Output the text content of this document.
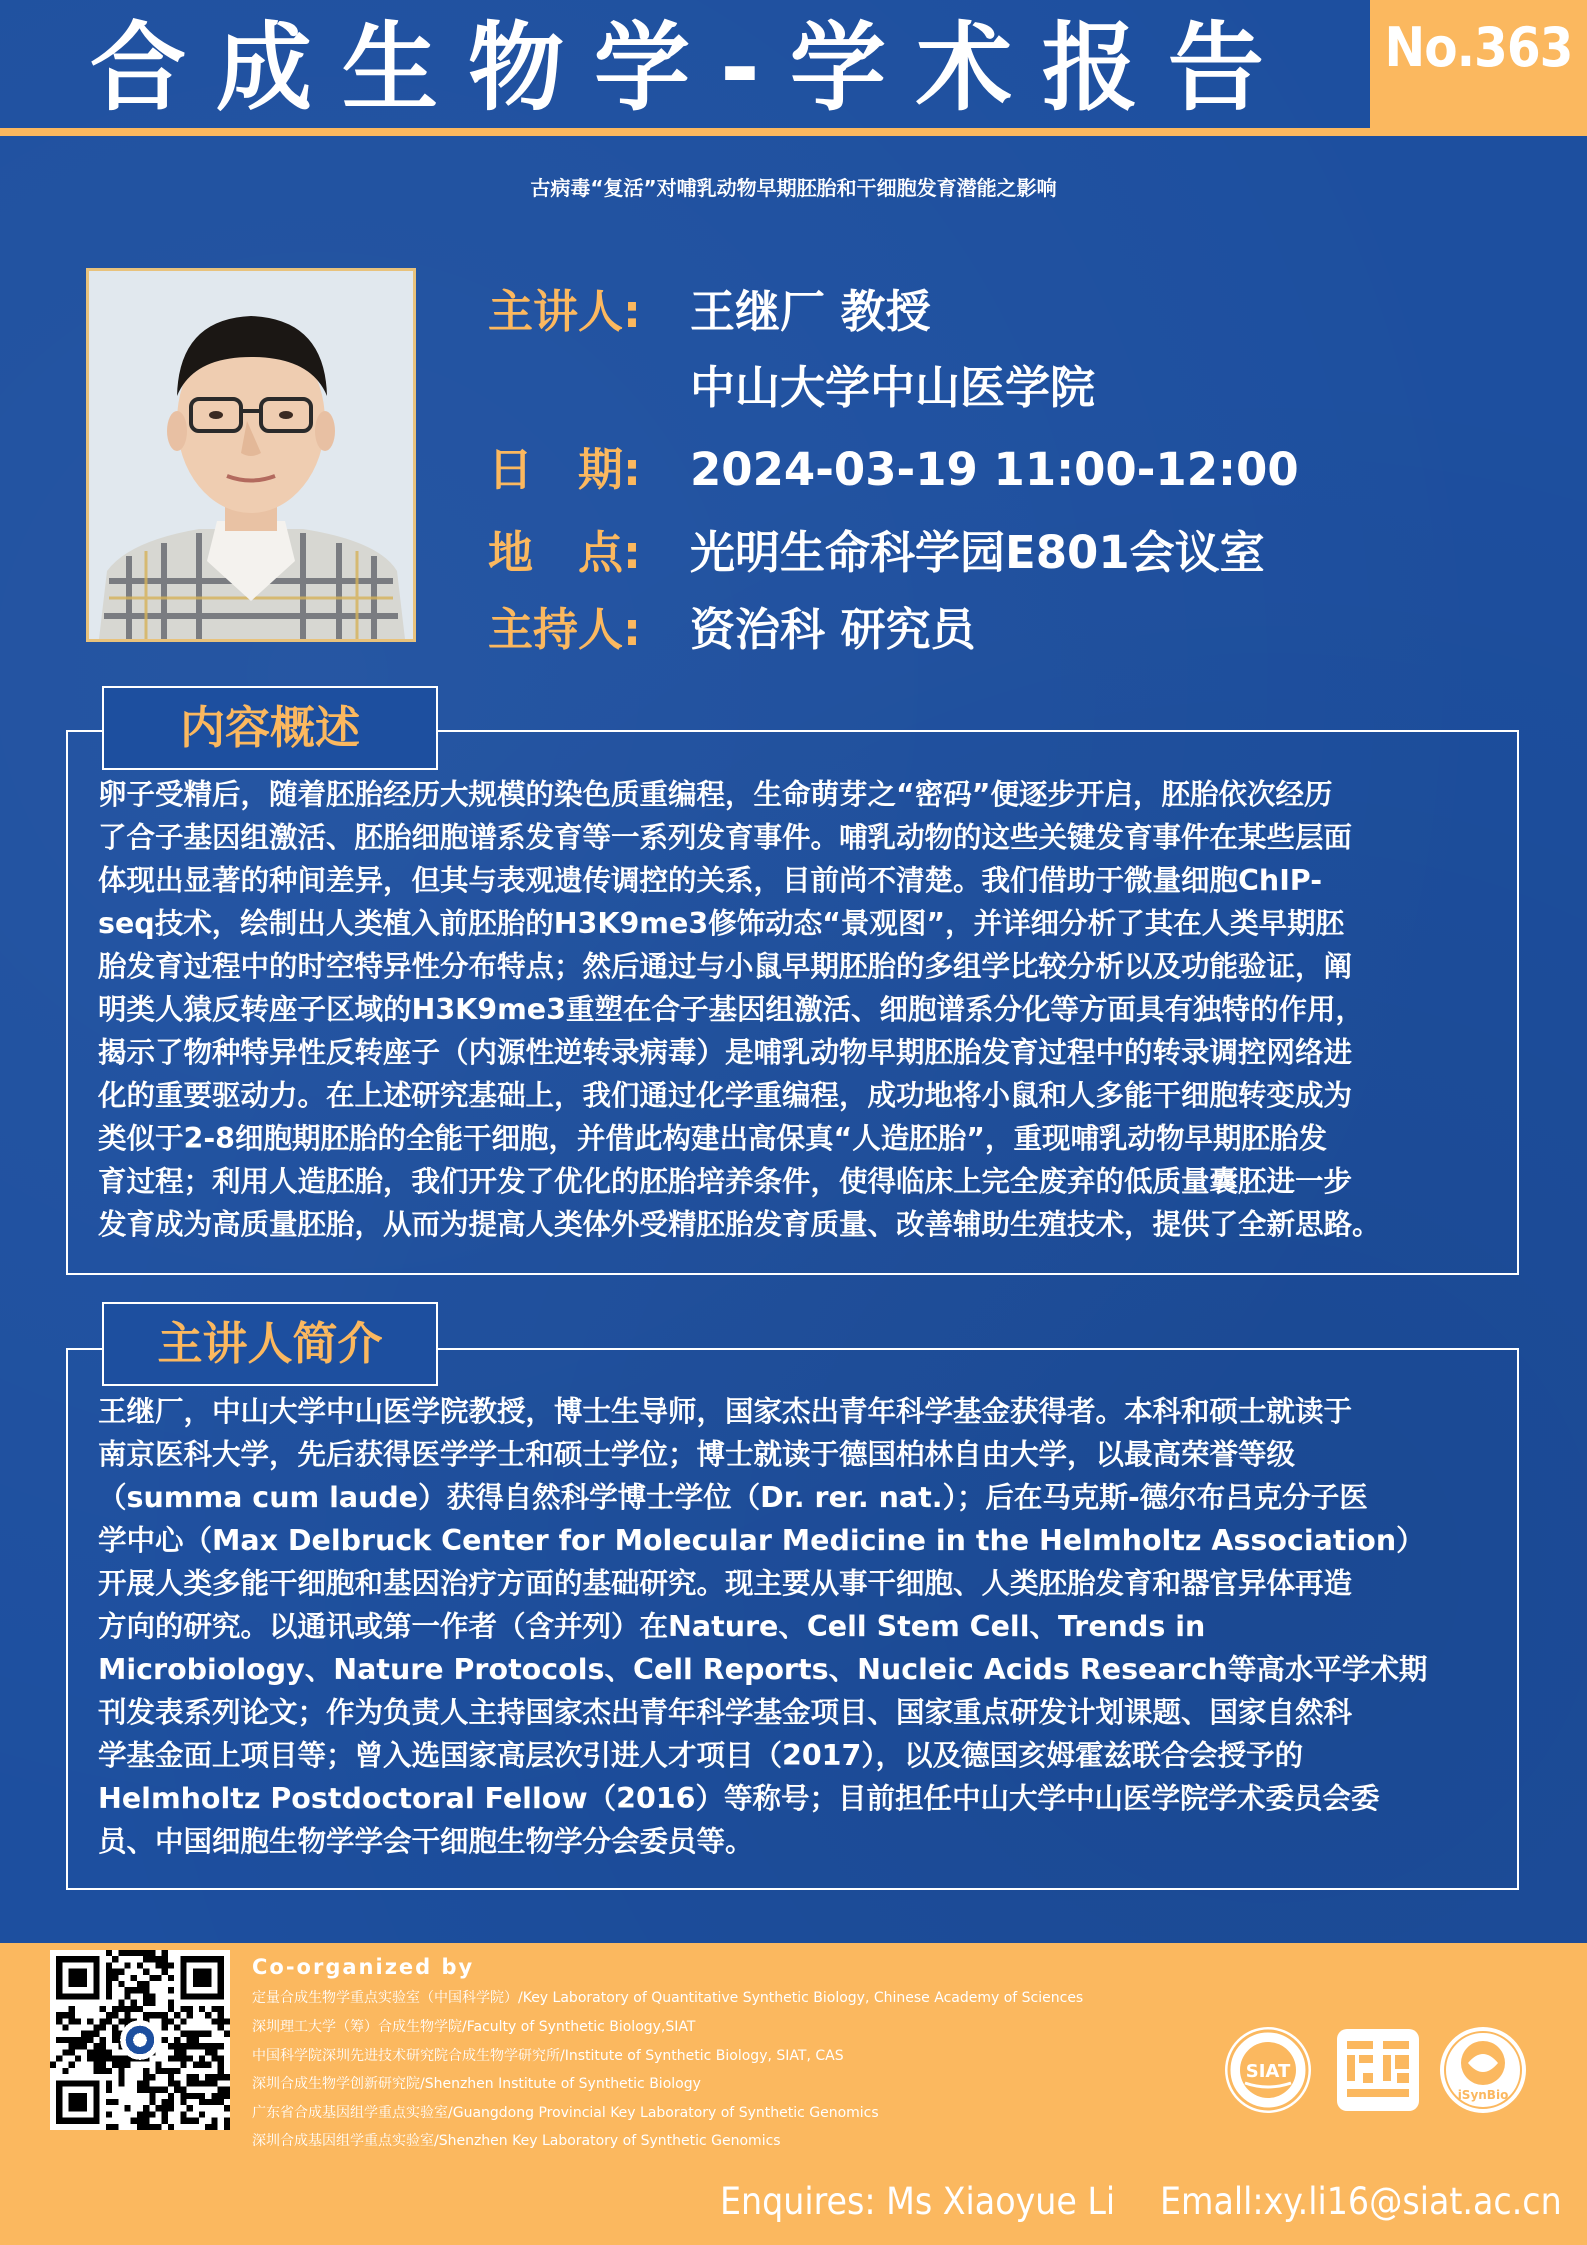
合成生物学-学术报告 No.363
古病毒“复活”对哺乳动物早期胚胎和干细胞发育潜能之影响
主讲人: 王继厂 教授
中山大学中山医学院
日　期: 2024-03-19 11:00-12:00
地　点: 光明生命科学园E801会议室
主持人: 资治科 研究员
内容概述
卵子受精后，随着胚胎经历大规模的染色质重编程，生命萌芽之“密码”便逐步开启，胚胎依次经历
了合子基因组激活、胚胎细胞谱系发育等一系列发育事件。哺乳动物的这些关键发育事件在某些层面
体现出显著的种间差异，但其与表观遗传调控的关系，目前尚不清楚。我们借助于微量细胞ChIP-
seq技术，绘制出人类植入前胚胎的H3K9me3修饰动态“景观图”，并详细分析了其在人类早期胚
胎发育过程中的时空特异性分布特点；然后通过与小鼠早期胚胎的多组学比较分析以及功能验证，阐
明类人猿反转座子区域的H3K9me3重塑在合子基因组激活、细胞谱系分化等方面具有独特的作用，
揭示了物种特异性反转座子（内源性逆转录病毒）是哺乳动物早期胚胎发育过程中的转录调控网络进
化的重要驱动力。在上述研究基础上，我们通过化学重编程，成功地将小鼠和人多能干细胞转变成为
类似于2-8细胞期胚胎的全能干细胞，并借此构建出高保真“人造胚胎”，重现哺乳动物早期胚胎发
育过程；利用人造胚胎，我们开发了优化的胚胎培养条件，使得临床上完全废弃的低质量囊胚进一步
发育成为高质量胚胎，从而为提高人类体外受精胚胎发育质量、改善辅助生殖技术，提供了全新思路。
主讲人简介
王继厂，中山大学中山医学院教授，博士生导师，国家杰出青年科学基金获得者。本科和硕士就读于
南京医科大学，先后获得医学学士和硕士学位；博士就读于德国柏林自由大学，以最高荣誉等级
（summa cum laude）获得自然科学博士学位（Dr. rer. nat.）；后在马克斯-德尔布吕克分子医
学中心（Max Delbruck Center for Molecular Medicine in the Helmholtz Association）
开展人类多能干细胞和基因治疗方面的基础研究。现主要从事干细胞、人类胚胎发育和器官异体再造
方向的研究。以通讯或第一作者（含并列）在Nature、Cell Stem Cell、Trends in
Microbiology、Nature Protocols、Cell Reports、Nucleic Acids Research等高水平学术期
刊发表系列论文；作为负责人主持国家杰出青年科学基金项目、国家重点研发计划课题、国家自然科
学基金面上项目等；曾入选国家高层次引进人才项目（2017），以及德国亥姆霍兹联合会授予的
Helmholtz Postdoctoral Fellow（2016）等称号；目前担任中山大学中山医学院学术委员会委
员、中国细胞生物学学会干细胞生物学分会委员等。
Co-organized by
定量合成生物学重点实验室（中国科学院）/Key Laboratory of Quantitative Synthetic Biology, Chinese Academy of Sciences
深圳理工大学（筹）合成生物学院/Faculty of Synthetic Biology,SIAT
中国科学院深圳先进技术研究院合成生物学研究所/Institute of Synthetic Biology, SIAT, CAS
深圳合成生物学创新研究院/Shenzhen Institute of Synthetic Biology
广东省合成基因组学重点实验室/Guangdong Provincial Key Laboratory of Synthetic Genomics
深圳合成基因组学重点实验室/Shenzhen Key Laboratory of Synthetic Genomics
SIAT
iSynBio
Enquires: Ms Xiaoyue Li Emall:xy.li16@siat.ac.cn
